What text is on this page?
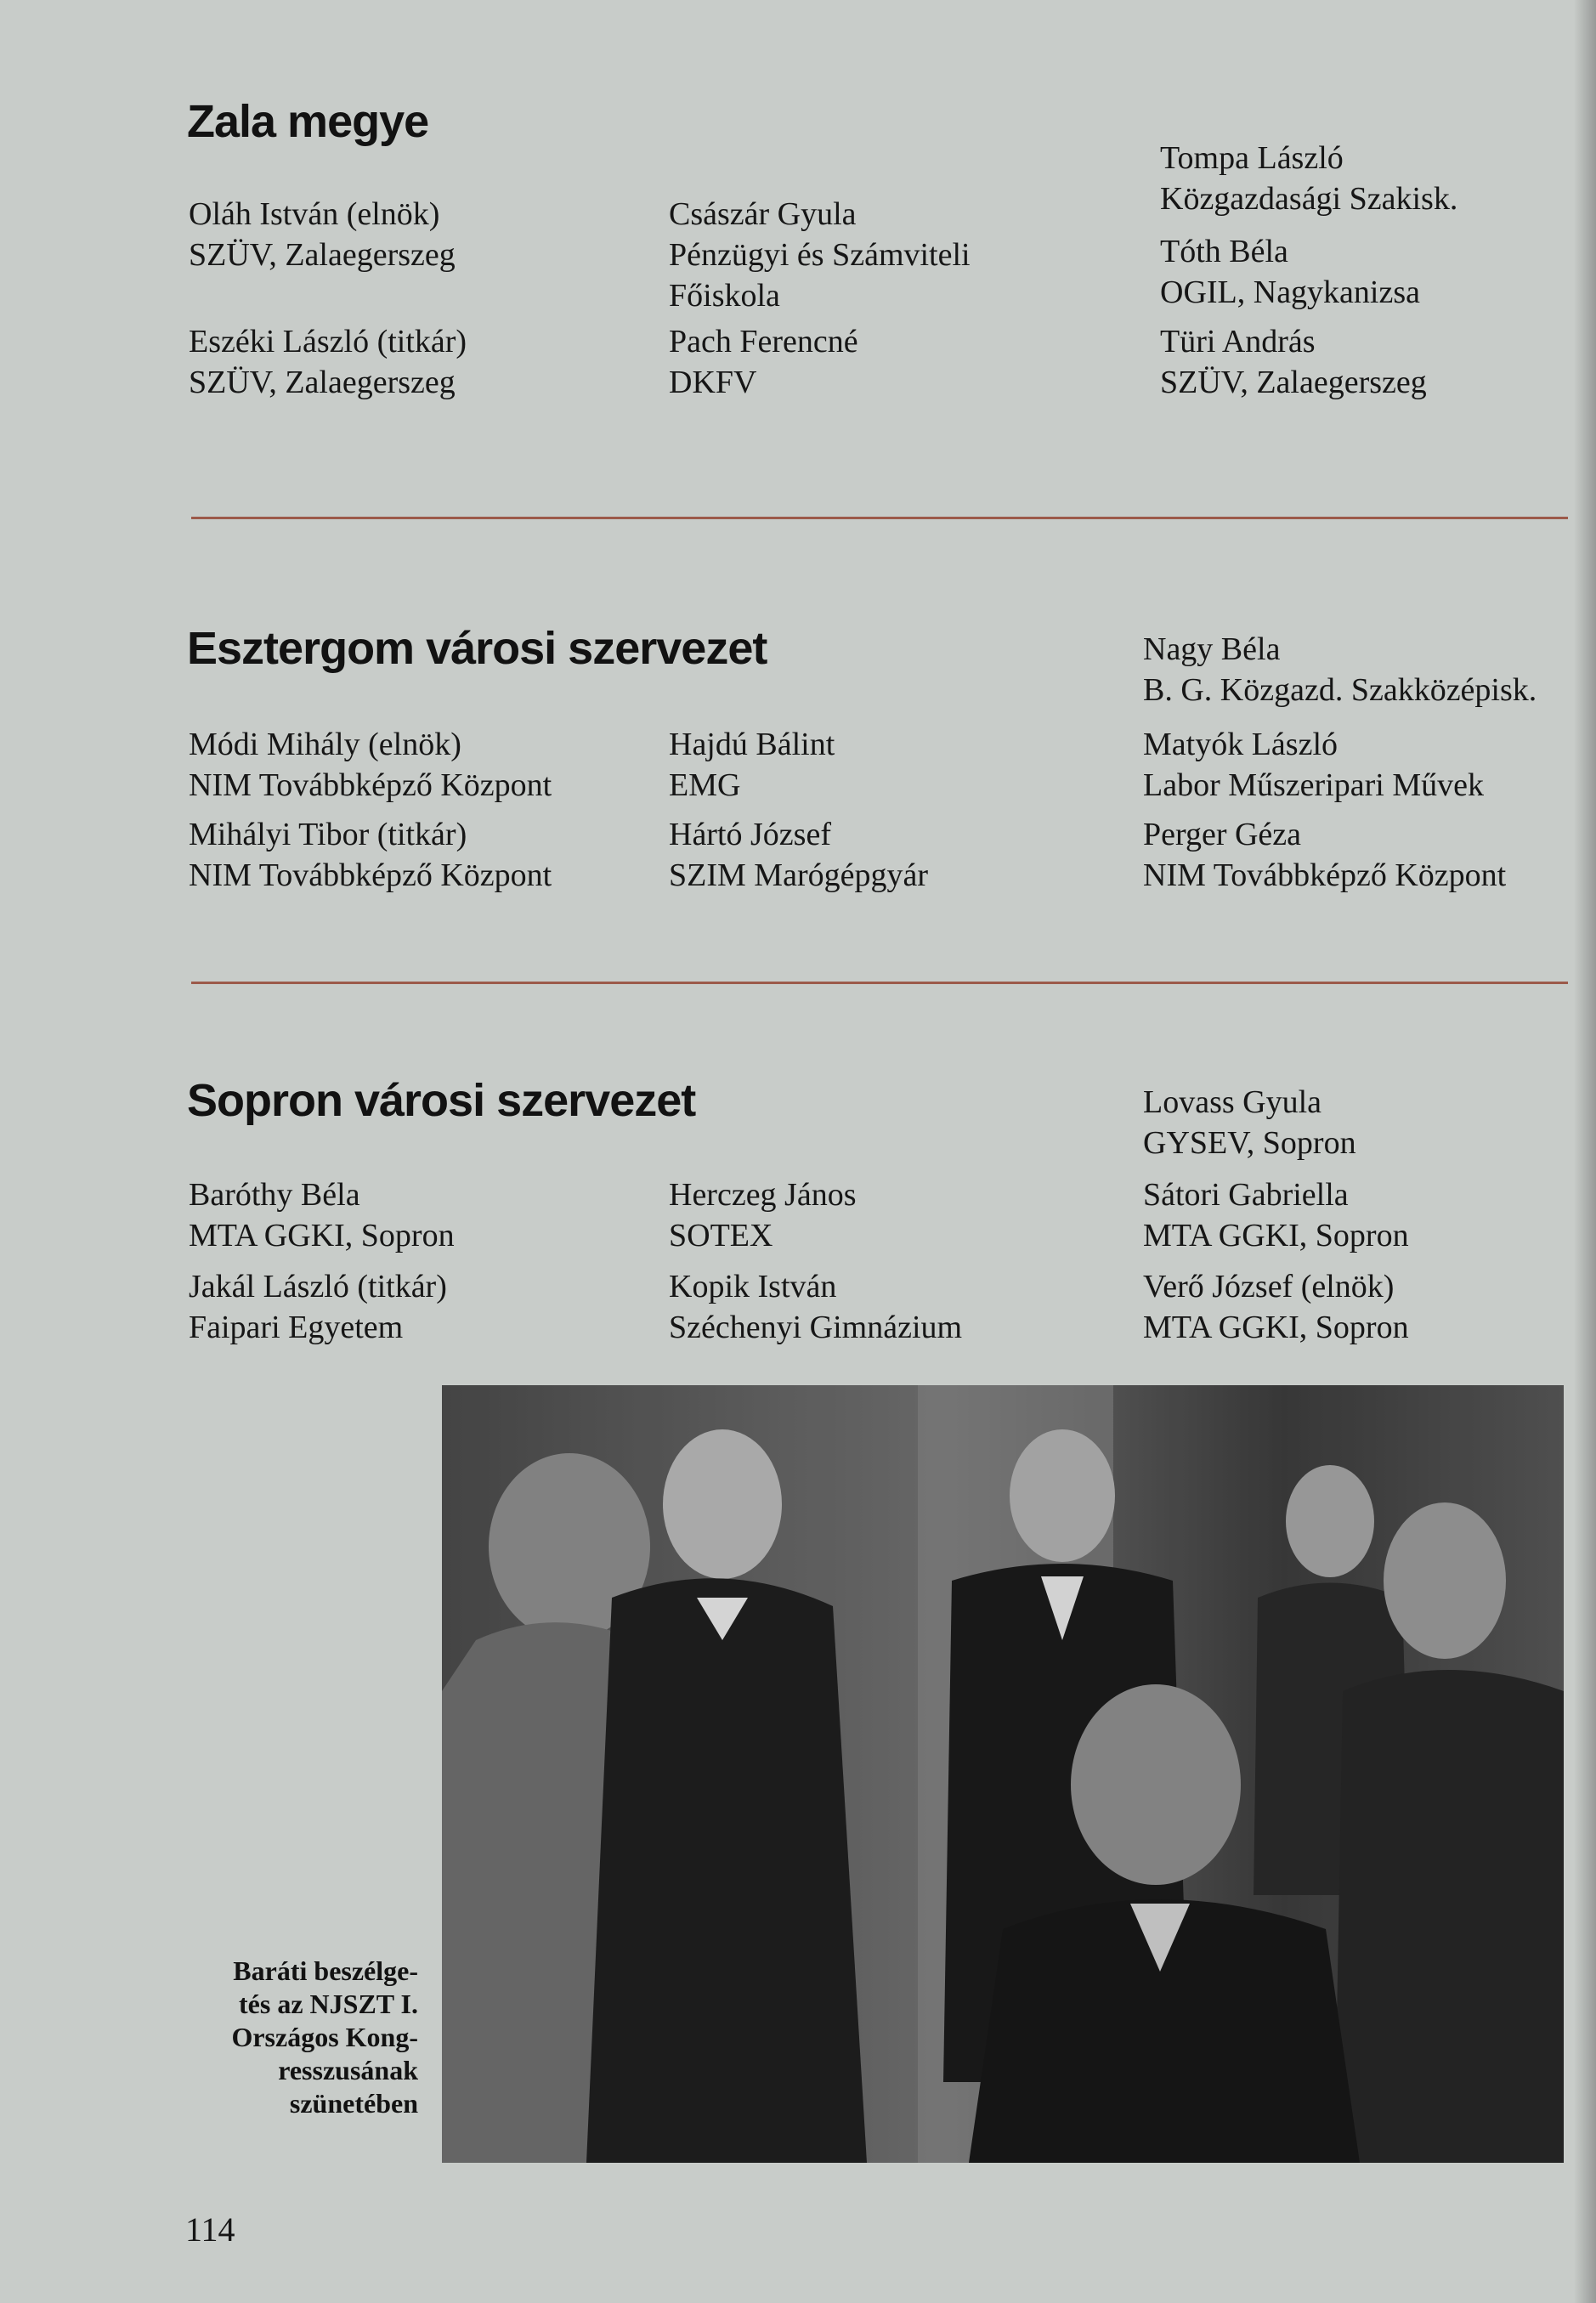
Zala megye
Oláh István (elnök)
SZÜV, Zalaegerszeg
Eszéki László (titkár)
SZÜV, Zalaegerszeg
Császár Gyula
Pénzügyi és Számviteli
Főiskola
Pach Ferencné
DKFV
Tompa László
Közgazdasági Szakisk.
Tóth Béla
OGIL, Nagykanizsa
Türi András
SZÜV, Zalaegerszeg
Esztergom városi szervezet
Módi Mihály (elnök)
NIM Továbbképző Központ
Mihályi Tibor (titkár)
NIM Továbbképző Központ
Hajdú Bálint
EMG
Hártó József
SZIM Marógépgyár
Nagy Béla
B. G. Közgazd. Szakközépisk.
Matyók László
Labor Műszeripari Művek
Perger Géza
NIM Továbbképző Központ
Sopron városi szervezet
Baróthy Béla
MTA GGKI, Sopron
Jakál László (titkár)
Faipari Egyetem
Herczeg János
SOTEX
Kopik István
Széchenyi Gimnázium
Lovass Gyula
GYSEV, Sopron
Sátori Gabriella
MTA GGKI, Sopron
Verő József (elnök)
MTA GGKI, Sopron
Baráti beszélge-
tés az NJSZT I.
Országos Kong-
resszusának
szünetében
114
